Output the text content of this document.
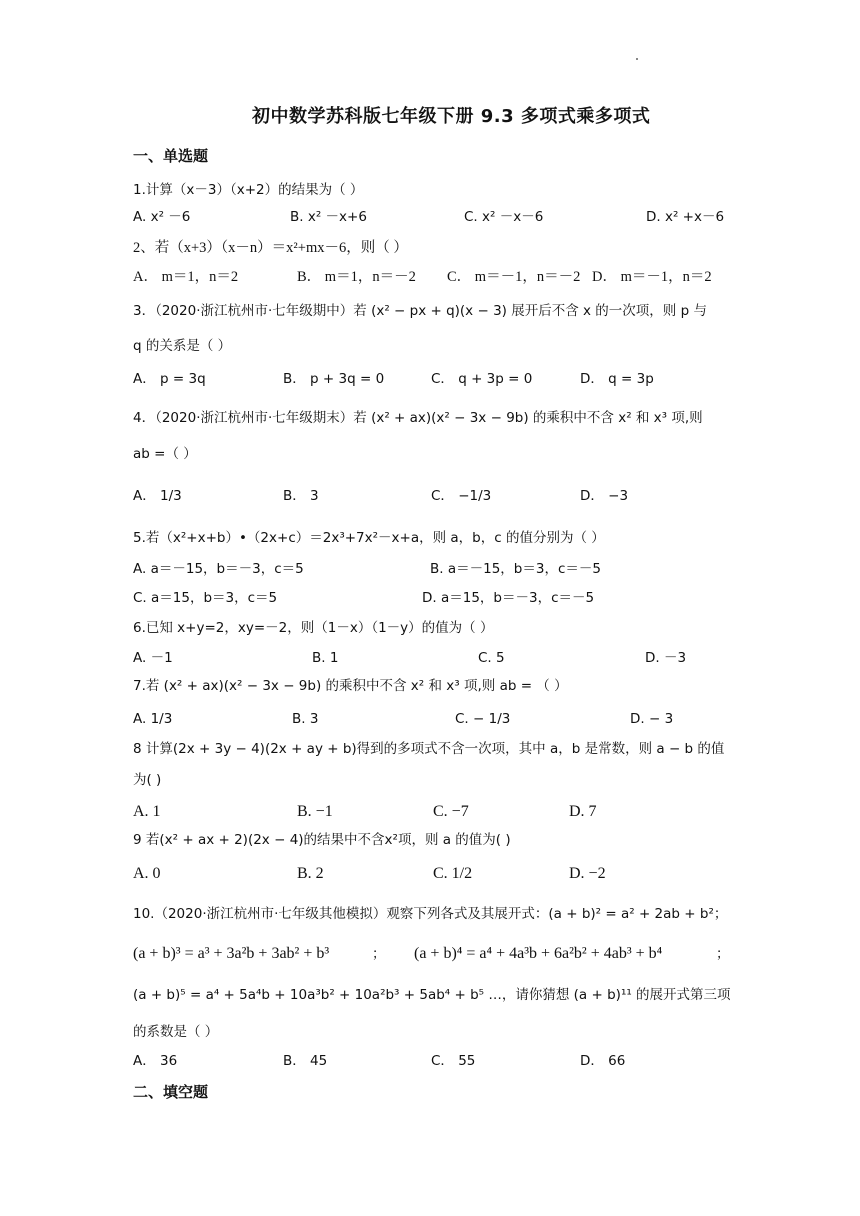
初中数学苏科版七年级下册 9.3 多项式乘多项式
一、单选题
1.计算（x－3）（x+2）的结果为（ ）
A. x² －6	B. x² －x+6	C. x² －x－6	D. x² +x－6
2、若（x+3）（x－n）＝x²+mx－6，则（ ）
A． m＝1，n＝2	B． m＝1，n＝－2 C． m＝－1，n＝－2 D． m＝－1，n＝2
3．（2020·浙江杭州市·七年级期中）若 (x² − px + q)(x − 3) 展开后不含 x 的一次项，则 p 与
q 的关系是（ ）
A． p = 3q	B． p + 3q = 0	C． q + 3p = 0	D． q = 3p
4．（2020·浙江杭州市·七年级期末）若 (x² + ax)(x² − 3x − 9b) 的乘积中不含 x² 和 x³ 项,则
ab =（ ）
A． 1/3	B． 3	C． −1/3	D． −3
5.若（x²+x+b）•（2x+c）＝2x³+7x²－x+a，则 a，b，c 的值分别为（ ）
A. a＝－15，b＝－3，c＝5	B. a＝－15，b＝3，c＝－5
C. a＝15，b＝3，c＝5	D. a＝15，b＝－3，c＝－5
6.已知 x+y=2，xy=－2，则（1－x）（1－y）的值为（ ）
A. －1	B. 1	C. 5	D. －3
7.若 (x² + ax)(x² − 3x − 9b) 的乘积中不含 x² 和 x³ 项,则 ab = （ ）
A. 1/3	B. 3	C. − 1/3	D. − 3
8 计算(2x + 3y − 4)(2x + ay + b)得到的多项式不含一次项，其中 a，b 是常数，则 a − b 的值
为( )
A. 1	B. −1	C. −7	D. 7
9 若(x² + ax + 2)(2x − 4)的结果中不含x²项，则 a 的值为( )
A. 0	B. 2	C. 1/2	D. −2
10.（2020·浙江杭州市·七年级其他模拟）观察下列各式及其展开式：(a + b)² = a² + 2ab + b²；
(a + b)³ = a³ + 3a²b + 3ab² + b³	； (a + b)⁴ = a⁴ + 4a³b + 6a²b² + 4ab³ + b⁴	；
(a + b)⁵ = a⁴ + 5a⁴b + 10a³b² + 10a²b³ + 5ab⁴ + b⁵ …，请你猜想 (a + b)¹¹ 的展开式第三项
的系数是（ ）
A． 36	B． 45	C． 55	D． 66
二、填空题
